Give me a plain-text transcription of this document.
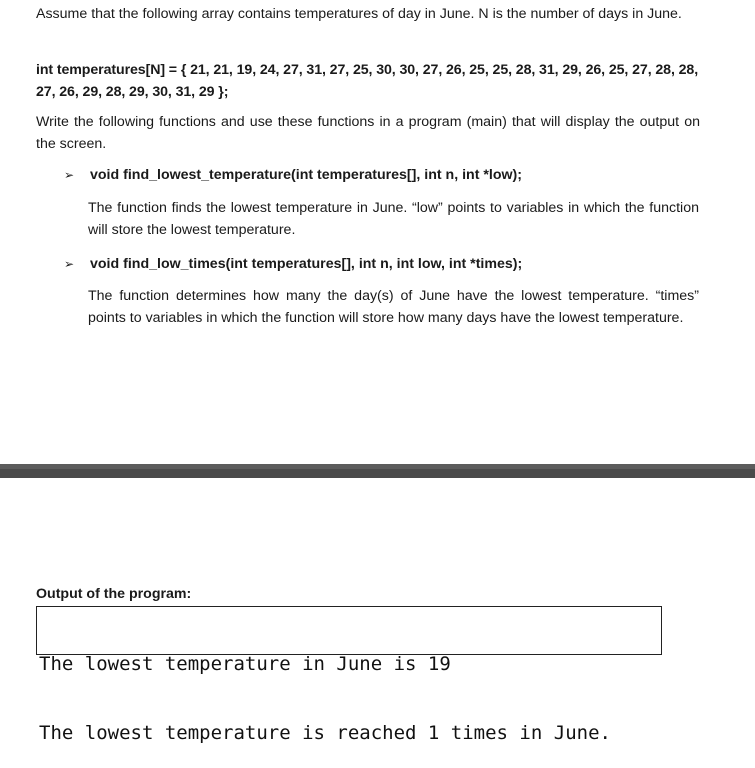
Assume that the following array contains temperatures of day in June. N is the number of days in June.

int temperatures[N] = { 21, 21, 19, 24, 27, 31, 27, 25, 30, 30, 27, 26, 25, 25, 28, 31, 29, 26, 25, 27, 28, 28, 27, 26, 29, 28, 29, 30, 31, 29 };

Write the following functions and use these functions in a program (main) that will display the output on the screen.

➢	void find_lowest_temperature(int temperatures[], int n, int *low);

The function finds the lowest temperature in June. “low” points to variables in which the function will store the lowest temperature.

➢	void find_low_times(int temperatures[], int n, int low, int *times);

The function determines how many the day(s) of June have the lowest temperature. “times” points to variables in which the function will store how many days have the lowest temperature.

Output of the program:

The lowest temperature in June is 19

The lowest temperature is reached 1 times in June.
